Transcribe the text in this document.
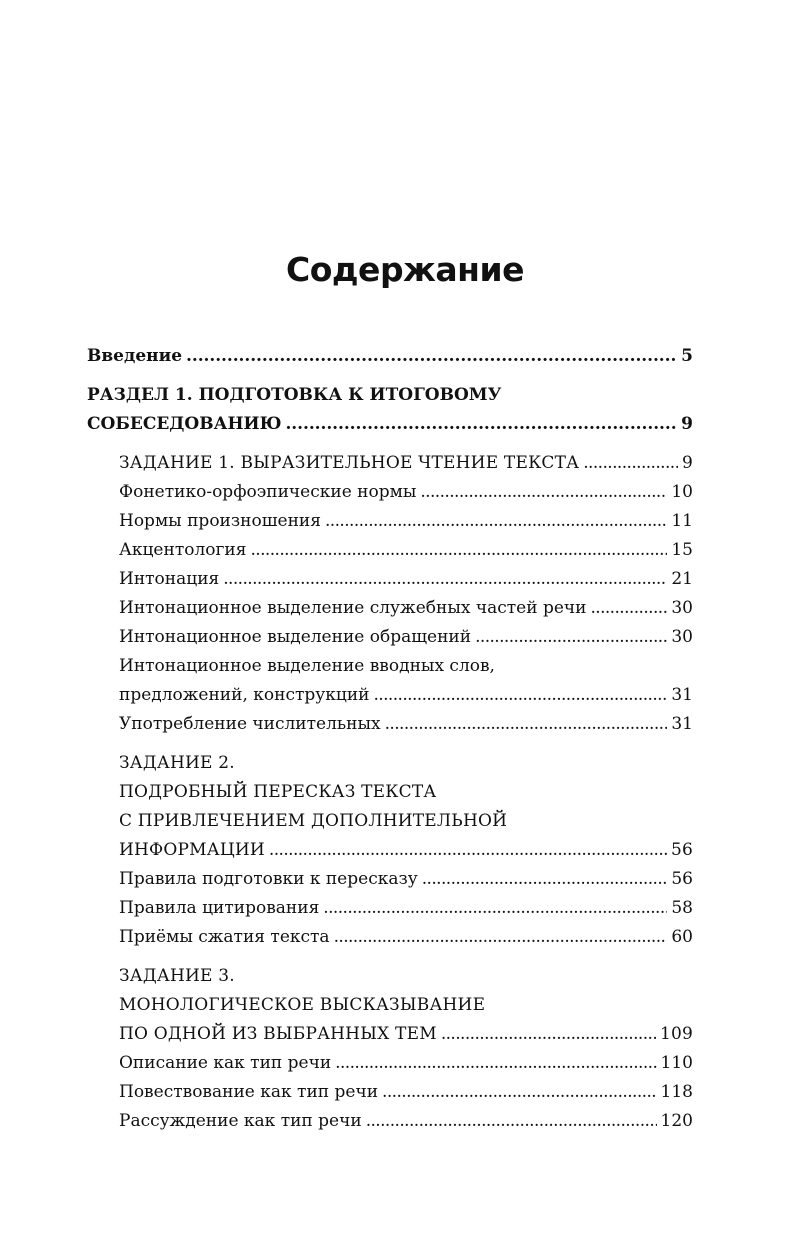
Содержание
Введение . . .	5
РАЗДЕЛ 1. ПОДГОТОВКА К ИТОГОВОМУ
СОБЕСЕДОВАНИЮ . . .	9
ЗАДАНИЕ 1. ВЫРАЗИТЕЛЬНОЕ ЧТЕНИЕ ТЕКСТА . . .	9
Фонетико-орфоэпические нормы . . .	10
Нормы произношения . . .	11
Акцентология . . .	15
Интонация . . .	21
Интонационное выделение служебных частей речи . . .	30
Интонационное выделение обращений . . .	30
Интонационное выделение вводных слов,
предложений, конструкций . . .	31
Употребление числительных . . .	31
ЗАДАНИЕ 2.
ПОДРОБНЫЙ ПЕРЕСКАЗ ТЕКСТА
С ПРИВЛЕЧЕНИЕМ ДОПОЛНИТЕЛЬНОЙ
ИНФОРМАЦИИ . . .	56
Правила подготовки к пересказу . . .	56
Правила цитирования . . .	58
Приёмы сжатия текста . . .	60
ЗАДАНИЕ 3.
МОНОЛОГИЧЕСКОЕ ВЫСКАЗЫВАНИЕ
ПО ОДНОЙ ИЗ ВЫБРАННЫХ ТЕМ . . .	109
Описание как тип речи . . .	110
Повествование как тип речи . . .	118
Рассуждение как тип речи . . .	120
